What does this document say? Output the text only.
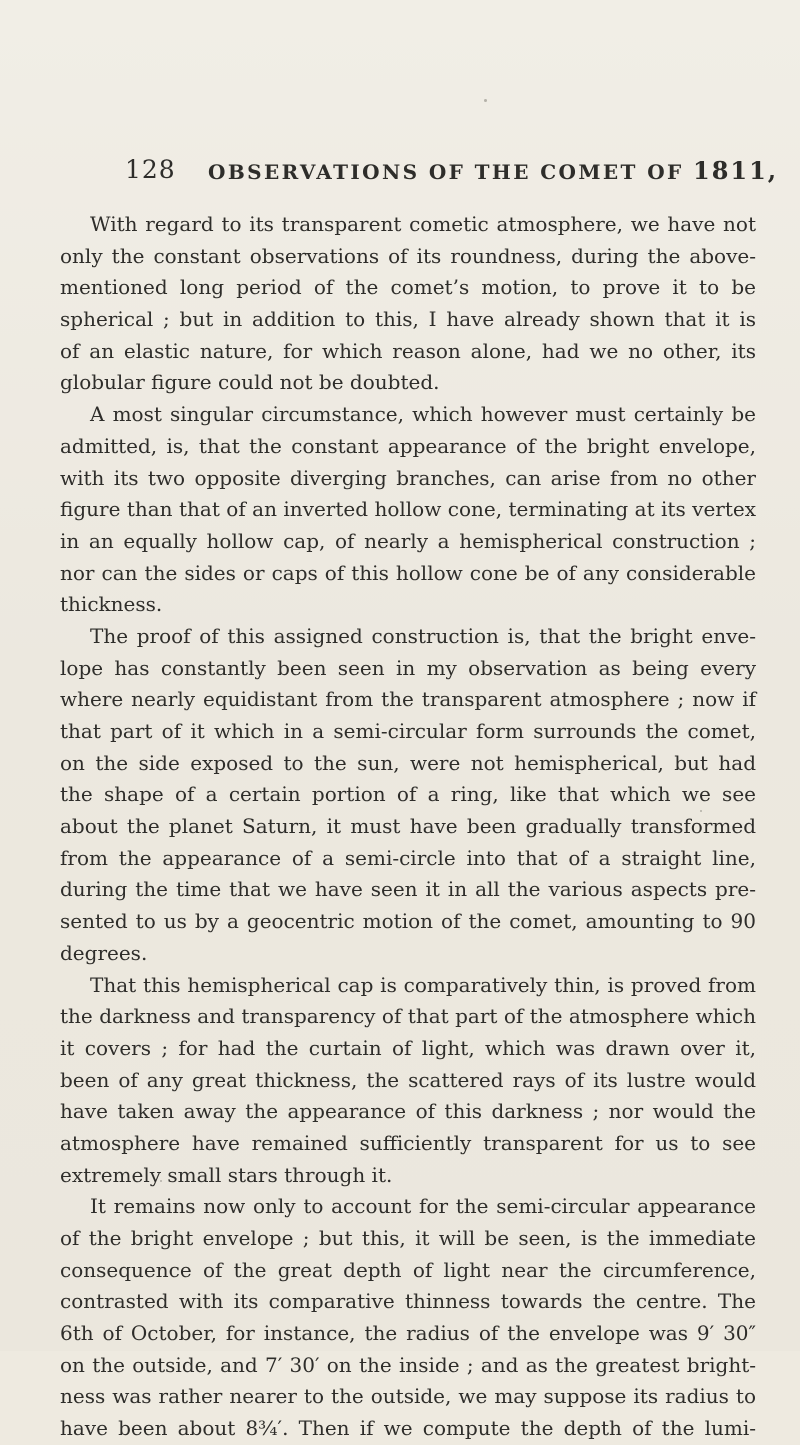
128 OBSERVATIONS OF THE COMET OF 1811,
With regard to its transparent cometic atmosphere, we have not
only the constant observations of its roundness, during the above-
mentioned long period of the comet’s motion, to prove it to be
spherical ; but in addition to this, I have already shown that it is
of an elastic nature, for which reason alone, had we no other, its
globular figure could not be doubted.
A most singular circumstance, which however must certainly be
admitted, is, that the constant appearance of the bright envelope,
with its two opposite diverging branches, can arise from no other
figure than that of an inverted hollow cone, terminating at its vertex
in an equally hollow cap, of nearly a hemispherical construction ;
nor can the sides or caps of this hollow cone be of any considerable
thickness.
The proof of this assigned construction is, that the bright enve-
lope has constantly been seen in my observation as being every
where nearly equidistant from the transparent atmosphere ; now if
that part of it which in a semi-circular form surrounds the comet,
on the side exposed to the sun, were not hemispherical, but had
the shape of a certain portion of a ring, like that which we see
about the planet Saturn, it must have been gradually transformed
from the appearance of a semi-circle into that of a straight line,
during the time that we have seen it in all the various aspects pre-
sented to us by a geocentric motion of the comet, amounting to 90
degrees.
That this hemispherical cap is comparatively thin, is proved from
the darkness and transparency of that part of the atmosphere which
it covers ; for had the curtain of light, which was drawn over it,
been of any great thickness, the scattered rays of its lustre would
have taken away the appearance of this darkness ; nor would the
atmosphere have remained sufficiently transparent for us to see
extremely small stars through it.
It remains now only to account for the semi-circular appearance
of the bright envelope ; but this, it will be seen, is the immediate
consequence of the great depth of light near the circumference,
contrasted with its comparative thinness towards the centre. The
6th of October, for instance, the radius of the envelope was 9′ 30″
on the outside, and 7′ 30′ on the inside ; and as the greatest bright-
ness was rather nearer to the outside, we may suppose its radius to
have been about 8¾′. Then if we compute the depth of the lumi-
